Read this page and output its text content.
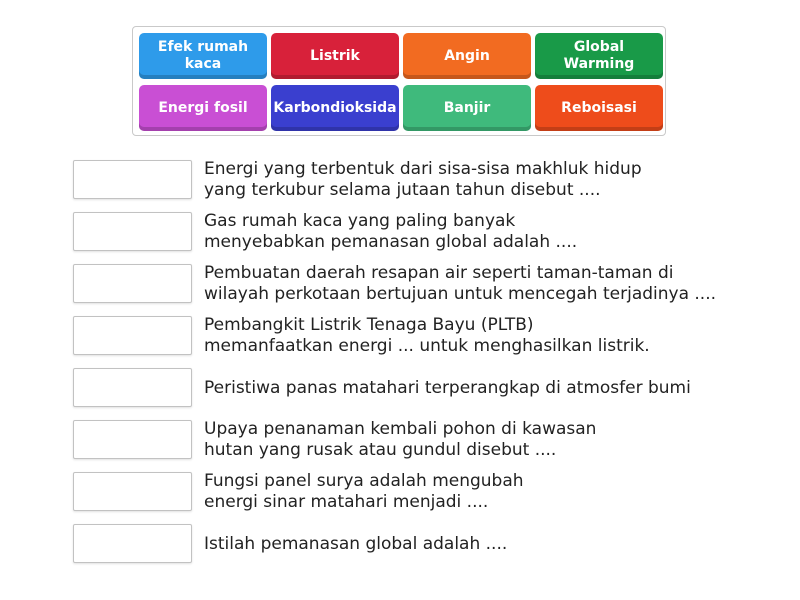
Efek rumah
kaca
Listrik	Angin
Global
Warming
Energi fosil Karbondioksida	Banjir	Reboisasi
Energi yang terbentuk dari sisa-sisa makhluk hidup
yang terkubur selama jutaan tahun disebut ....
Gas rumah kaca yang paling banyak
menyebabkan pemanasan global adalah ....
Pembuatan daerah resapan air seperti taman-taman di
wilayah perkotaan bertujuan untuk mencegah terjadinya ....
Pembangkit Listrik Tenaga Bayu (PLTB)
memanfaatkan energi ... untuk menghasilkan listrik.
Peristiwa panas matahari terperangkap di atmosfer bumi
Upaya penanaman kembali pohon di kawasan
hutan yang rusak atau gundul disebut ....
Fungsi panel surya adalah mengubah
energi sinar matahari menjadi ....
Istilah pemanasan global adalah ....
